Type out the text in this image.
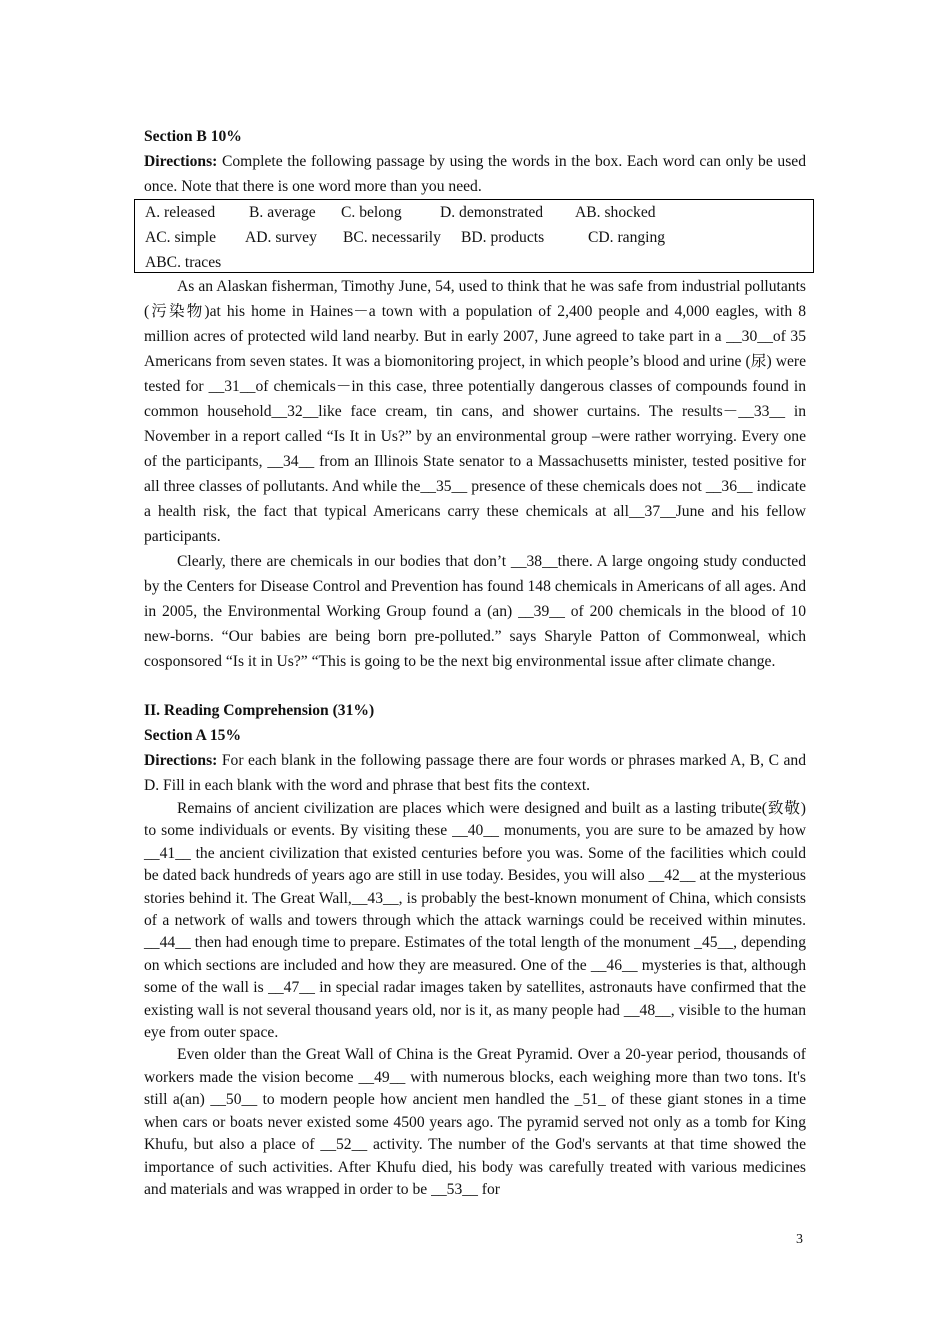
Section B 10%

Directions: Complete the following passage by using the words in the box. Each word can only be used once. Note that there is one word more than you need.

A. released B. average C. belong D. demonstrated AB. shocked
AC. simple AD. survey BC. necessarily BD. products	CD. ranging
ABC. traces

As an Alaskan fisherman, Timothy June, 54, used to think that he was safe from industrial pollutants (污染物)at his home in Haines－a town with a population of 2,400 people and 4,000 eagles, with 8 million acres of protected wild land nearby. But in early 2007, June agreed to take part in a __30__of 35 Americans from seven states. It was a biomonitoring project, in which people’s blood and urine (尿) were tested for __31__of chemicals－in this case, three potentially dangerous classes of compounds found in common household__32__like face cream, tin cans, and shower curtains. The results－__33__ in November in a report called “Is It in Us?” by an environmental group –were rather worrying. Every one of the participants, __34__ from an Illinois State senator to a Massachusetts minister, tested positive for all three classes of pollutants. And while the__35__ presence of these chemicals does not __36__ indicate a health risk, the fact that typical Americans carry these chemicals at all__37__June and his fellow participants.

Clearly, there are chemicals in our bodies that don’t __38__there. A large ongoing study conducted by the Centers for Disease Control and Prevention has found 148 chemicals in Americans of all ages. And in 2005, the Environmental Working Group found a (an) __39__ of 200 chemicals in the blood of 10 new-borns. “Our babies are being born pre-polluted.” says Sharyle Patton of Commonweal, which cosponsored “Is it in Us?” “This is going to be the next big environmental issue after climate change.

II. Reading Comprehension (31%)

Section A 15%

Directions: For each blank in the following passage there are four words or phrases marked A, B, C and D. Fill in each blank with the word and phrase that best fits the context.

Remains of ancient civilization are places which were designed and built as a lasting tribute(致敬) to some individuals or events. By visiting these __40__ monuments, you are sure to be amazed by how __41__ the ancient civilization that existed centuries before you was. Some of the facilities which could be dated back hundreds of years ago are still in use today. Besides, you will also __42__ at the mysterious stories behind it. The Great Wall,__43__, is probably the best-known monument of China, which consists of a network of walls and towers through which the attack warnings could be received within minutes. __44__ then had enough time to prepare. Estimates of the total length of the monument _45__, depending on which sections are included and how they are measured. One of the __46__ mysteries is that, although some of the wall is __47__ in special radar images taken by satellites, astronauts have confirmed that the existing wall is not several thousand years old, nor is it, as many people had __48__, visible to the human eye from outer space.

Even older than the Great Wall of China is the Great Pyramid. Over a 20-year period, thousands of workers made the vision become __49__ with numerous blocks, each weighing more than two tons. It's still a(an) __50__ to modern people how ancient men handled the _51_ of these giant stones in a time when cars or boats never existed some 4500 years ago. The pyramid served not only as a tomb for King Khufu, but also a place of __52__ activity. The number of the God's servants at that time showed the importance of such activities. After Khufu died, his body was carefully treated with various medicines and materials and was wrapped in order to be __53__ for

3
